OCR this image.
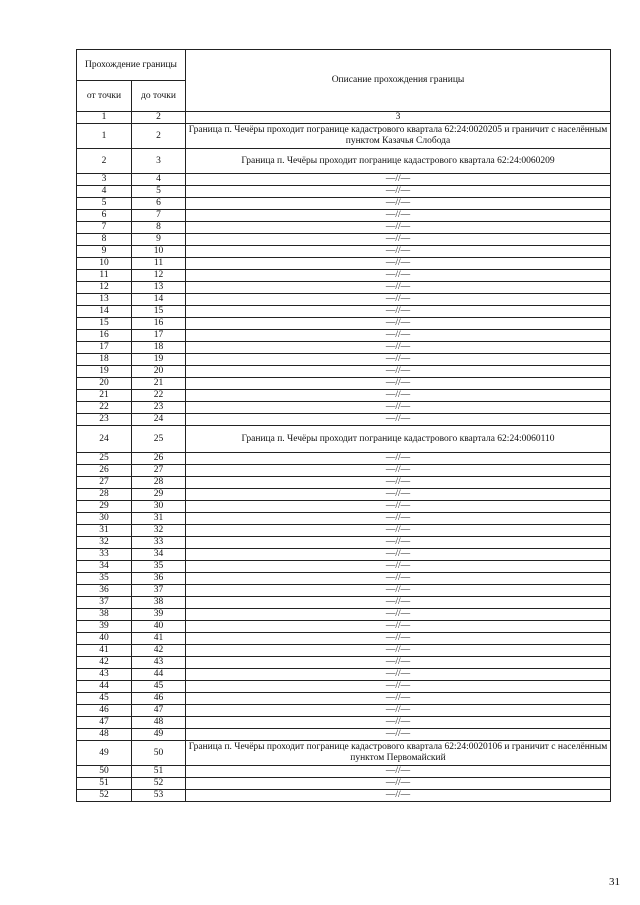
Прохождение границы		Описание прохождения границы
от точки	до точки	
1	2	3
1	2	Граница п. Чечёры проходит погранице кадастрового квартала 62:24:0020205 и граничит с населённым пунктом Казачья Слобода
2	3	Граница п. Чечёры проходит погранице кадастрового квартала 62:24:0060209
3	4	—//—
4	5	—//—
5	6	—//—
6	7	—//—
7	8	—//—
8	9	—//—
9	10	—//—
10	11	—//—
11	12	—//—
12	13	—//—
13	14	—//—
14	15	—//—
15	16	—//—
16	17	—//—
17	18	—//—
18	19	—//—
19	20	—//—
20	21	—//—
21	22	—//—
22	23	—//—
23	24	—//—
24	25	Граница п. Чечёры проходит погранице кадастрового квартала 62:24:0060110
25	26	—//—
26	27	—//—
27	28	—//—
28	29	—//—
29	30	—//—
30	31	—//—
31	32	—//—
32	33	—//—
33	34	—//—
34	35	—//—
35	36	—//—
36	37	—//—
37	38	—//—
38	39	—//—
39	40	—//—
40	41	—//—
41	42	—//—
42	43	—//—
43	44	—//—
44	45	—//—
45	46	—//—
46	47	—//—
47	48	—//—
48	49	—//—
49	50	Граница п. Чечёры проходит погранице кадастрового квартала 62:24:0020106 и граничит с населённым пунктом Первомайский
50	51	—//—
51	52	—//—
52	53	—//—
31
